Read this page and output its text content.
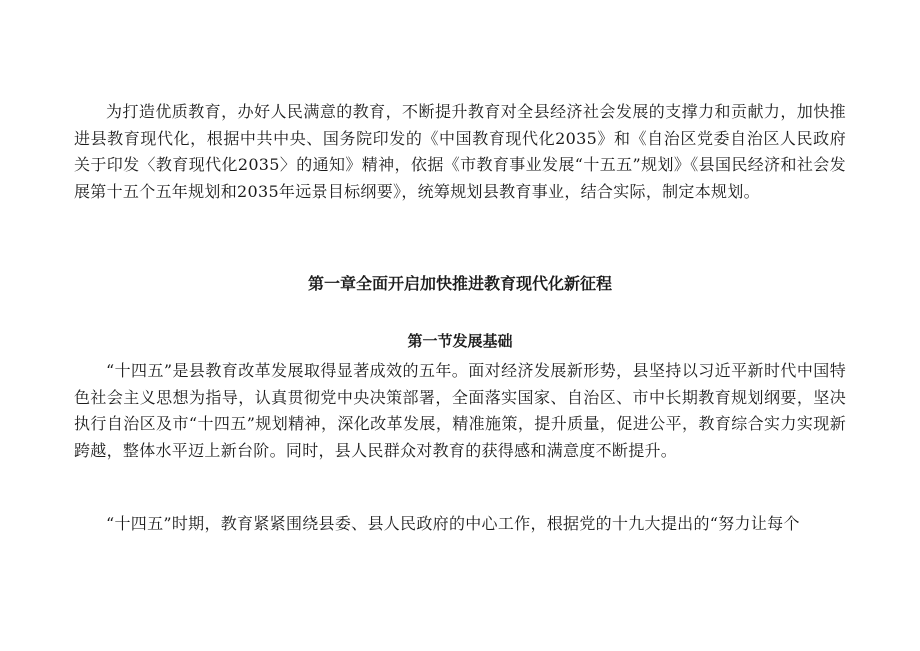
为打造优质教育，办好人民满意的教育，不断提升教育对全县经济社会发展的支撑力和贡献力，加快推进县教育现代化，根据中共中央、国务院印发的《中国教育现代化2035》和《自治区党委自治区人民政府关于印发〈教育现代化2035〉的通知》精神，依据《市教育事业发展“十五五”规划》《县国民经济和社会发展第十五个五年规划和2035年远景目标纲要》，统筹规划县教育事业，结合实际，制定本规划。

第一章全面开启加快推进教育现代化新征程
第一节发展基础

“十四五”是县教育改革发展取得显著成效的五年。面对经济发展新形势，县坚持以习近平新时代中国特色社会主义思想为指导，认真贯彻党中央决策部署，全面落实国家、自治区、市中长期教育规划纲要，坚决执行自治区及市“十四五”规划精神，深化改革发展，精准施策，提升质量，促进公平，教育综合实力实现新跨越，整体水平迈上新台阶。同时，县人民群众对教育的获得感和满意度不断提升。

“十四五”时期，教育紧紧围绕县委、县人民政府的中心工作，根据党的十九大提出的“努力让每个
